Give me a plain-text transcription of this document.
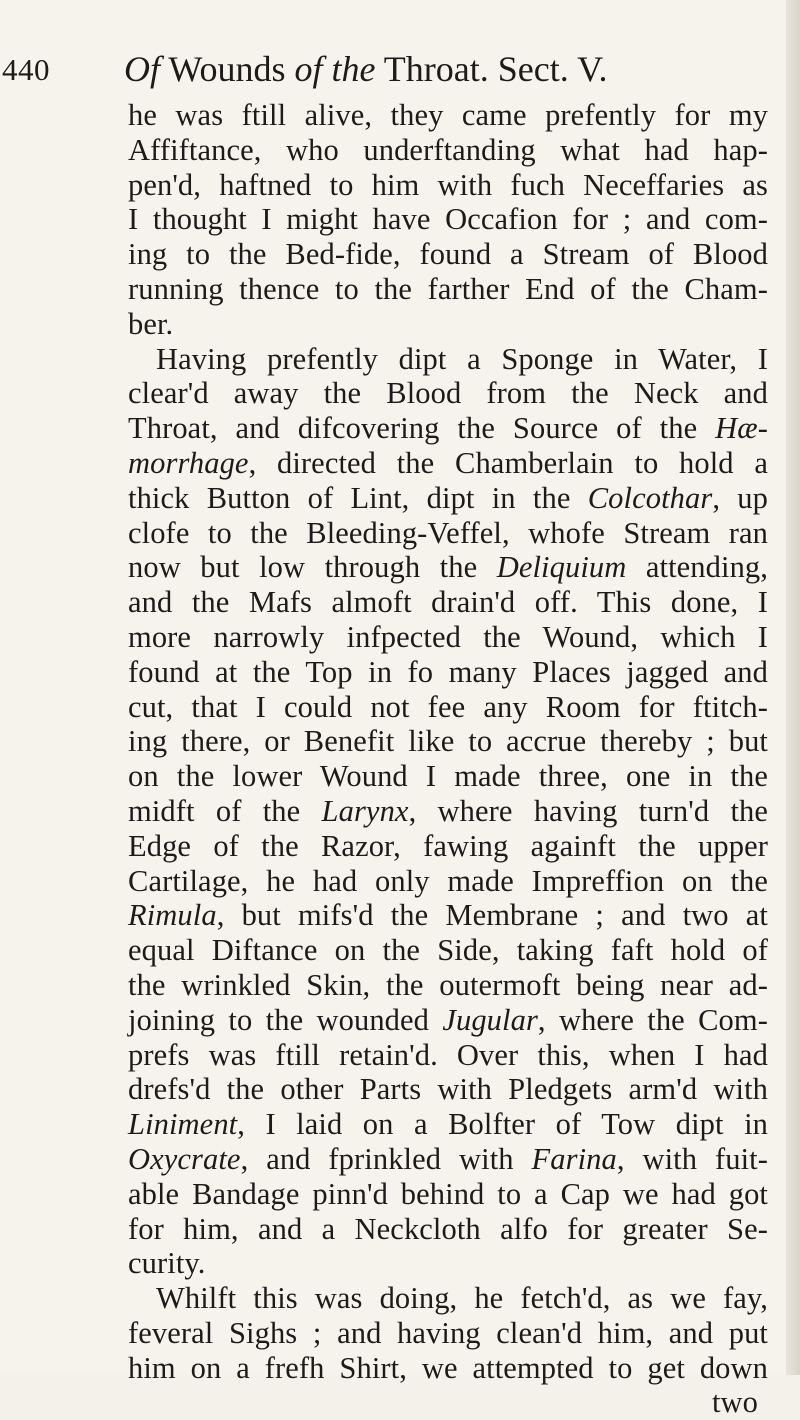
440 Of Wounds of the Throat. Sect. V.
he was ftill alive, they came prefently for my
Affiftance, who underftanding what had hap-
pen'd, haftned to him with fuch Neceffaries as
I thought I might have Occafion for ; and com-
ing to the Bed-fide, found a Stream of Blood
running thence to the farther End of the Cham-
ber.
Having prefently dipt a Sponge in Water, I
clear'd away the Blood from the Neck and
Throat, and difcovering the Source of the Hæ-
morrhage, directed the Chamberlain to hold a
thick Button of Lint, dipt in the Colcothar, up
clofe to the Bleeding-Veffel, whofe Stream ran
now but low through the Deliquium attending,
and the Mafs almoft drain'd off. This done, I
more narrowly infpected the Wound, which I
found at the Top in fo many Places jagged and
cut, that I could not fee any Room for ftitch-
ing there, or Benefit like to accrue thereby ; but
on the lower Wound I made three, one in the
midft of the Larynx, where having turn'd the
Edge of the Razor, fawing againft the upper
Cartilage, he had only made Impreffion on the
Rimula, but mifs'd the Membrane ; and two at
equal Diftance on the Side, taking faft hold of
the wrinkled Skin, the outermoft being near ad-
joining to the wounded Jugular, where the Com-
prefs was ftill retain'd. Over this, when I had
drefs'd the other Parts with Pledgets arm'd with
Liniment, I laid on a Bolfter of Tow dipt in
Oxycrate, and fprinkled with Farina, with fuit-
able Bandage pinn'd behind to a Cap we had got
for him, and a Neckcloth alfo for greater Se-
curity.
Whilft this was doing, he fetch'd, as we fay,
feveral Sighs ; and having clean'd him, and put
him on a frefh Shirt, we attempted to get down
two
